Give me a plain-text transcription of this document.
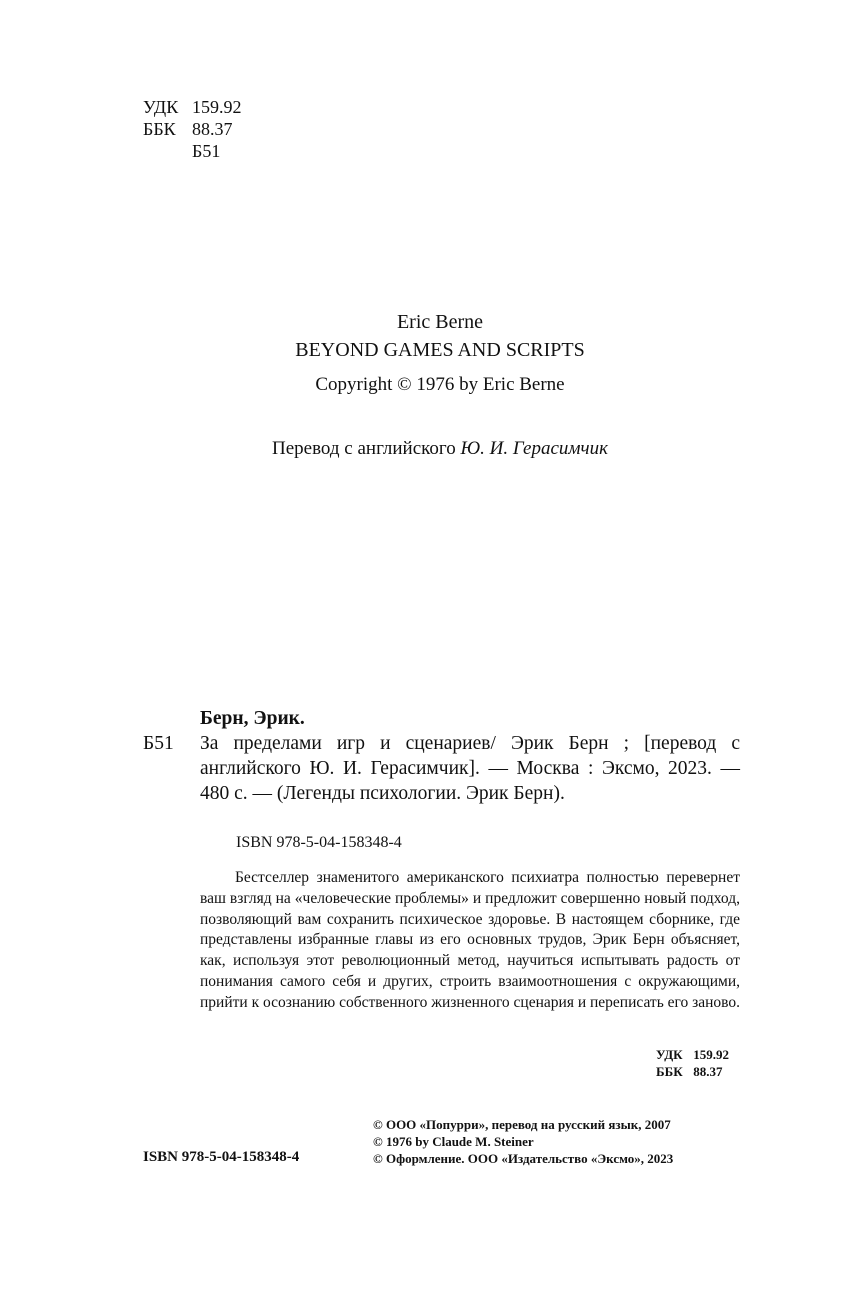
УДК 159.92
ББК 88.37
Б51
Eric Berne
BEYOND GAMES AND SCRIPTS
Copyright © 1976 by Eric Berne
Перевод с английского Ю. И. Герасимчик
Берн, Эрик.
Б51 За пределами игр и сценариев/ Эрик Берн ; [перевод с английского Ю. И. Герасимчик]. — Москва : Эксмо, 2023. — 480 с. — (Легенды психологии. Эрик Берн).
ISBN 978-5-04-158348-4

Бестселлер знаменитого американского психиатра полностью перевернет ваш взгляд на «человеческие проблемы» и предложит совершенно новый подход, позволяющий вам сохранить психическое здоровье. В настоящем сборнике, где представлены избранные главы из его основных трудов, Эрик Берн объясняет, как, используя этот революционный метод, научиться испытывать радость от понимания самого себя и других, строить взаимоотношения с окружающими, прийти к осознанию собственного жизненного сценария и переписать его заново.

УДК 159.92
ББК 88.37
© ООО «Попурри», перевод на русский язык, 2007
© 1976 by Claude M. Steiner
© Оформление. ООО «Издательство «Эксмо», 2023
ISBN 978-5-04-158348-4
